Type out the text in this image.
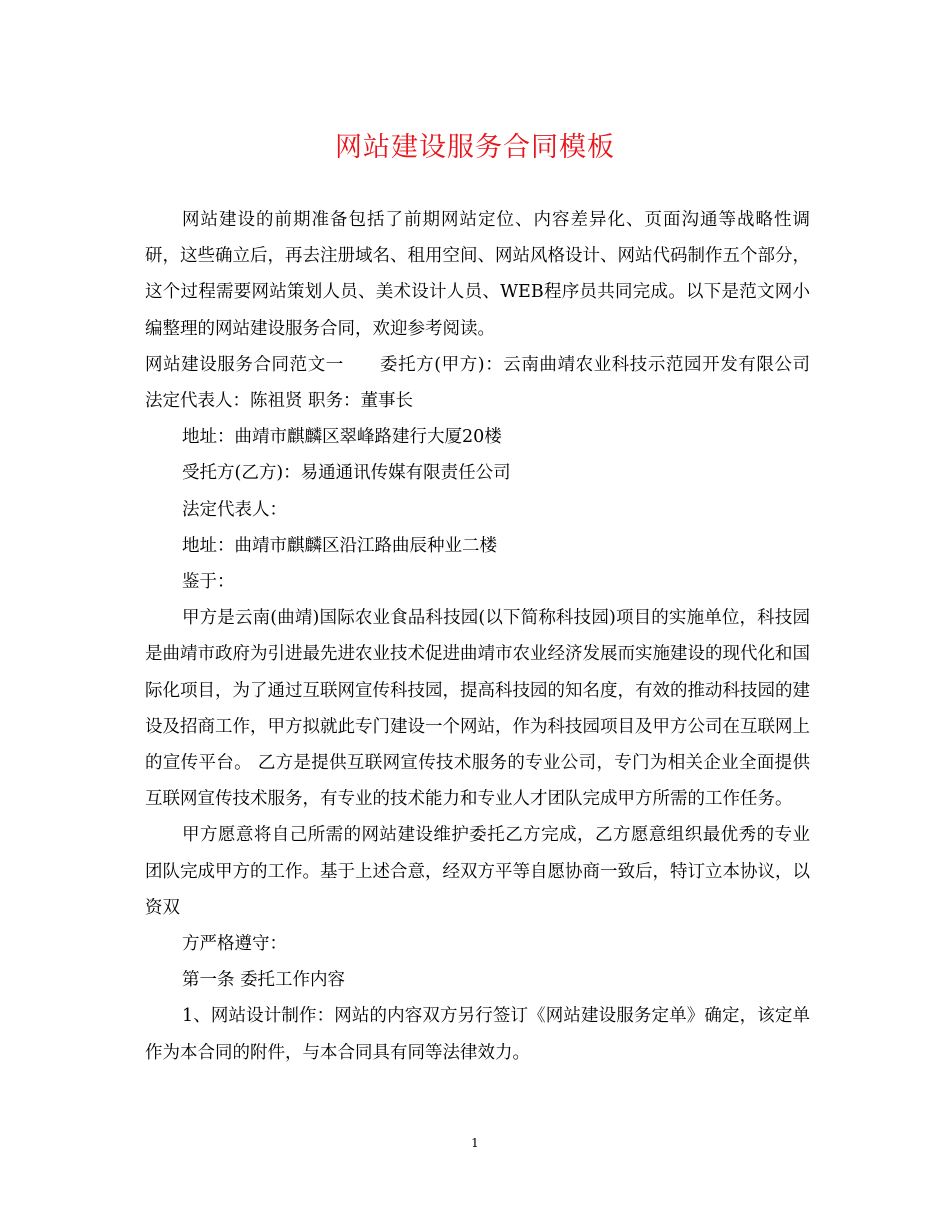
网站建设服务合同模板

网站建设的前期准备包括了前期网站定位、内容差异化、页面沟通等战略性调研，这些确立后，再去注册域名、租用空间、网站风格设计、网站代码制作五个部分，这个过程需要网站策划人员、美术设计人员、WEB程序员共同完成。以下是范文网小编整理的网站建设服务合同，欢迎参考阅读。

网站建设服务合同范文一　　委托方(甲方)：云南曲靖农业科技示范园开发有限公司 法定代表人：陈祖贤 职务：董事长

地址：曲靖市麒麟区翠峰路建行大厦20楼

受托方(乙方)：易通通讯传媒有限责任公司

法定代表人：

地址：曲靖市麒麟区沿江路曲辰种业二楼

鉴于：

甲方是云南(曲靖)国际农业食品科技园(以下简称科技园)项目的实施单位，科技园是曲靖市政府为引进最先进农业技术促进曲靖市农业经济发展而实施建设的现代化和国际化项目，为了通过互联网宣传科技园，提高科技园的知名度，有效的推动科技园的建设及招商工作，甲方拟就此专门建设一个网站，作为科技园项目及甲方公司在互联网上的宣传平台。 乙方是提供互联网宣传技术服务的专业公司，专门为相关企业全面提供互联网宣传技术服务，有专业的技术能力和专业人才团队完成甲方所需的工作任务。

甲方愿意将自己所需的网站建设维护委托乙方完成，乙方愿意组织最优秀的专业团队完成甲方的工作。基于上述合意，经双方平等自愿协商一致后，特订立本协议，以资双

方严格遵守：

第一条 委托工作内容

1、网站设计制作：网站的内容双方另行签订《网站建设服务定单》确定，该定单作为本合同的附件，与本合同具有同等法律效力。

1
